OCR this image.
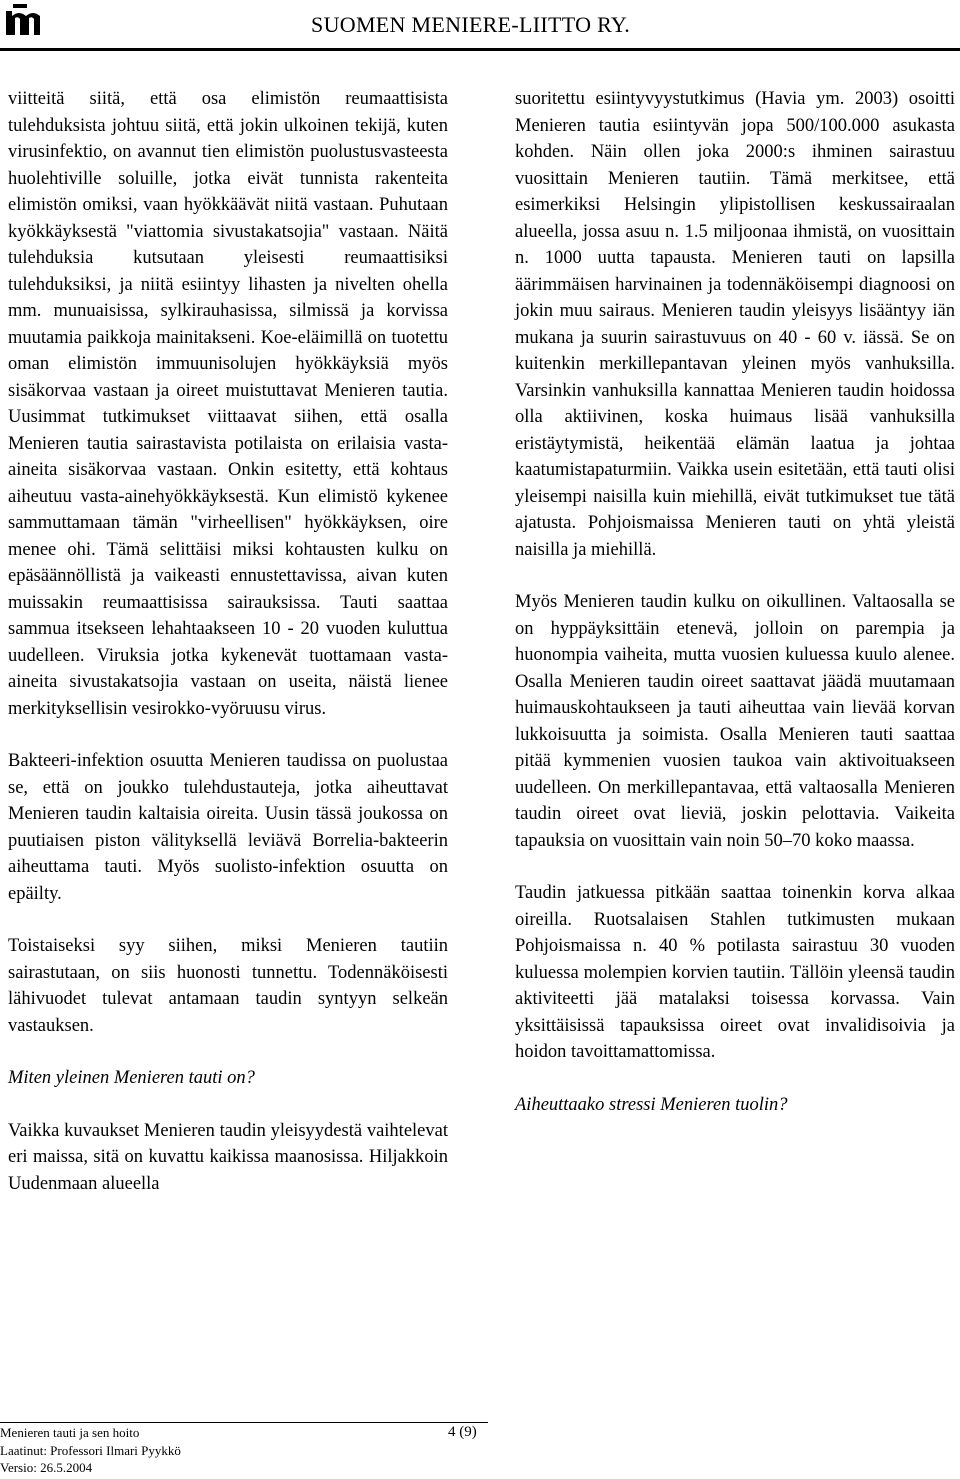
SUOMEN MENIERE-LIITTO RY.

viitteitä siitä, että osa elimistön reumaattisista tulehduksista johtuu siitä, että jokin ulkoinen tekijä, kuten virusinfektio, on avannut tien elimistön puolustusvasteesta huolehtiville soluille, jotka eivät tunnista rakenteita elimistön omiksi, vaan hyökkäävät niitä vastaan. Puhutaan kyökkäyksestä "viattomia sivustakatsojia" vastaan. Näitä tulehduksia kutsutaan yleisesti reumaattisiksi tulehduksiksi, ja niitä esiintyy lihasten ja nivelten ohella mm. munuaisissa, sylkirauhasissa, silmissä ja korvissa muutamia paikkoja mainitakseni. Koe-eläimillä on tuotettu oman elimistön immuunisolujen hyökkäyksiä myös sisäkorvaa vastaan ja oireet muistuttavat Menieren tautia. Uusimmat tutkimukset viittaavat siihen, että osalla Menieren tautia sairastavista potilaista on erilaisia vasta-aineita sisäkorvaa vastaan. Onkin esitetty, että kohtaus aiheutuu vasta-ainehyökkäyksestä. Kun elimistö kykenee sammuttamaan tämän "virheellisen" hyökkäyksen, oire menee ohi. Tämä selittäisi miksi kohtausten kulku on epäsäännöllistä ja vaikeasti ennustettavissa, aivan kuten muissakin reumaattisissa sairauksissa. Tauti saattaa sammua itsekseen lehahtaakseen 10 - 20 vuoden kuluttua uudelleen. Viruksia jotka kykenevät tuottamaan vasta-aineita sivustakatsojia vastaan on useita, näistä lienee merkityksellisin vesirokko-vyöruusu virus.

Bakteeri-infektion osuutta Menieren taudissa on puolustaa se, että on joukko tulehdustauteja, jotka aiheuttavat Menieren taudin kaltaisia oireita. Uusin tässä joukossa on puutiaisen piston välityksellä leviävä Borrelia-bakteerin aiheuttama tauti. Myös suolisto-infektion osuutta on epäilty.

Toistaiseksi syy siihen, miksi Menieren tautiin sairastutaan, on siis huonosti tunnettu. Todennäköisesti lähivuodet tulevat antamaan taudin syntyyn selkeän vastauksen.

Miten yleinen Menieren tauti on?

Vaikka kuvaukset Menieren taudin yleisyydestä vaihtelevat eri maissa, sitä on kuvattu kaikissa maanosissa. Hiljakkoin Uudenmaan alueella

suoritettu esiintyvyystutkimus (Havia ym. 2003) osoitti Menieren tautia esiintyvän jopa 500/100.000 asukasta kohden. Näin ollen joka 2000:s ihminen sairastuu vuosittain Menieren tautiin. Tämä merkitsee, että esimerkiksi Helsingin ylipistollisen keskussairaalan alueella, jossa asuu n. 1.5 miljoonaa ihmistä, on vuosittain n. 1000 uutta tapausta. Menieren tauti on lapsilla äärimmäisen harvinainen ja todennäköisempi diagnoosi on jokin muu sairaus. Menieren taudin yleisyys lisääntyy iän mukana ja suurin sairastuvuus on 40 - 60 v. iässä. Se on kuitenkin merkillepantavan yleinen myös vanhuksilla. Varsinkin vanhuksilla kannattaa Menieren taudin hoidossa olla aktiivinen, koska huimaus lisää vanhuksilla eristäytymistä, heikentää elämän laatua ja johtaa kaatumistapaturmiin. Vaikka usein esitetään, että tauti olisi yleisempi naisilla kuin miehillä, eivät tutkimukset tue tätä ajatusta. Pohjoismaissa Menieren tauti on yhtä yleistä naisilla ja miehillä.

Myös Menieren taudin kulku on oikullinen. Valtaosalla se on hyppäyksittäin etenevä, jolloin on parempia ja huonompia vaiheita, mutta vuosien kuluessa kuulo alenee. Osalla Menieren taudin oireet saattavat jäädä muutamaan huimauskohtaukseen ja tauti aiheuttaa vain lievää korvan lukkoisuutta ja soimista. Osalla Menieren tauti saattaa pitää kymmenien vuosien taukoa vain aktivoituakseen uudelleen. On merkillepantavaa, että valtaosalla Menieren taudin oireet ovat lieviä, joskin pelottavia. Vaikeita tapauksia on vuosittain vain noin 50–70 koko maassa.

Taudin jatkuessa pitkään saattaa toinenkin korva alkaa oireilla. Ruotsalaisen Stahlen tutkimusten mukaan Pohjoismaissa n. 40 % potilasta sairastuu 30 vuoden kuluessa molempien korvien tautiin. Tällöin yleensä taudin aktiviteetti jää matalaksi toisessa korvassa. Vain yksittäisissä tapauksissa oireet ovat invalidisoivia ja hoidon tavoittamattomissa.

Aiheuttaako stressi Menieren tuolin?

Menieren tauti ja sen hoito
Laatinut: Professori Ilmari Pyykkö
Versio: 26.5.2004
4 (9)
